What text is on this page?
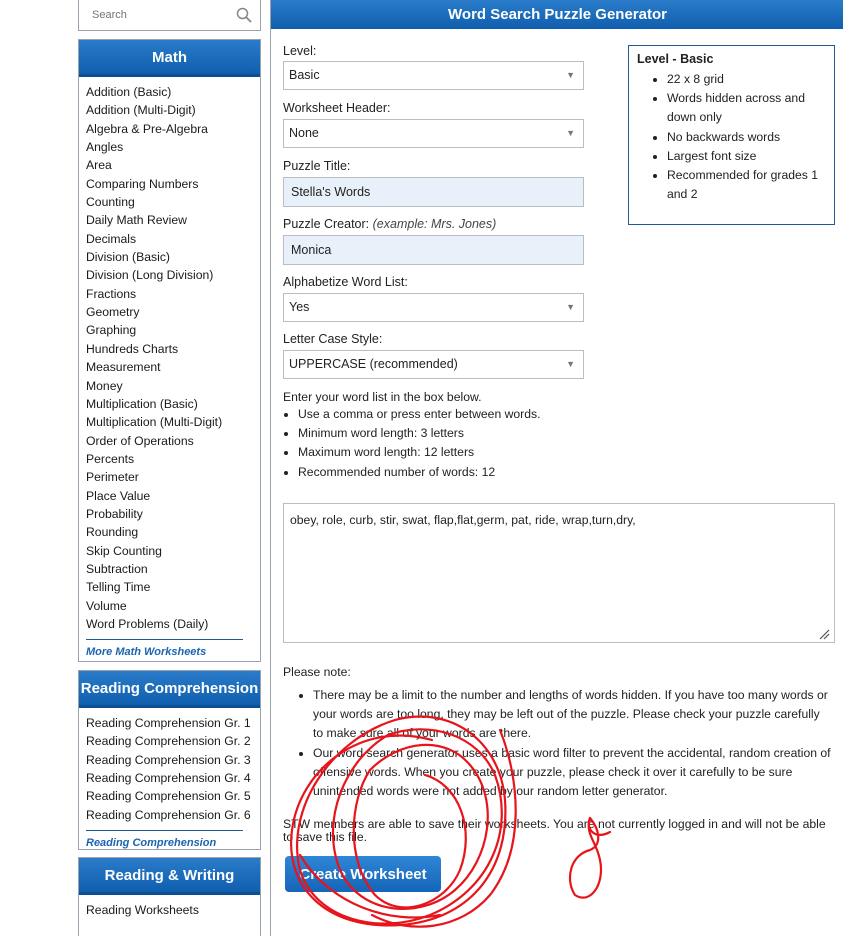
Search
Math
Addition (Basic)
Addition (Multi-Digit)
Algebra & Pre-Algebra
Angles
Area
Comparing Numbers
Counting
Daily Math Review
Decimals
Division (Basic)
Division (Long Division)
Fractions
Geometry
Graphing
Hundreds Charts
Measurement
Money
Multiplication (Basic)
Multiplication (Multi-Digit)
Order of Operations
Percents
Perimeter
Place Value
Probability
Rounding
Skip Counting
Subtraction
Telling Time
Volume
Word Problems (Daily)
More Math Worksheets
Reading Comprehension
Reading Comprehension Gr. 1
Reading Comprehension Gr. 2
Reading Comprehension Gr. 3
Reading Comprehension Gr. 4
Reading Comprehension Gr. 5
Reading Comprehension Gr. 6
Reading Comprehension
Reading & Writing
Reading Worksheets
Word Search Puzzle Generator
Level:
Basic	▼
Worksheet Header:
None	▼
Puzzle Title:
Stella's Words
Puzzle Creator: (example: Mrs. Jones)
Monica
Alphabetize Word List:
Yes	▼
Letter Case Style:
UPPERCASE (recommended)	▼
Level - Basic
• 22 x 8 grid
• Words hidden across and down only
• No backwards words
• Largest font size
• Recommended for grades 1 and 2
Enter your word list in the box below.
• Use a comma or press enter between words.
• Minimum word length: 3 letters
• Maximum word length: 12 letters
• Recommended number of words: 12
obey, role, curb, stir, swat, flap,flat,germ, pat, ride, wrap,turn,dry,
Please note:
• There may be a limit to the number and lengths of words hidden. If you have too many words or your words are too long, they may be left out of the puzzle. Please check your puzzle carefully to make sure all of your words are there.
• Our word search generator uses a basic word filter to prevent the accidental, random creation of offensive words. When you create your puzzle, please check it over it carefully to be sure unintended words were not added by our random letter generator.
STW members are able to save their worksheets. You are not currently logged in and will not be able to save this file.
Create Worksheet
